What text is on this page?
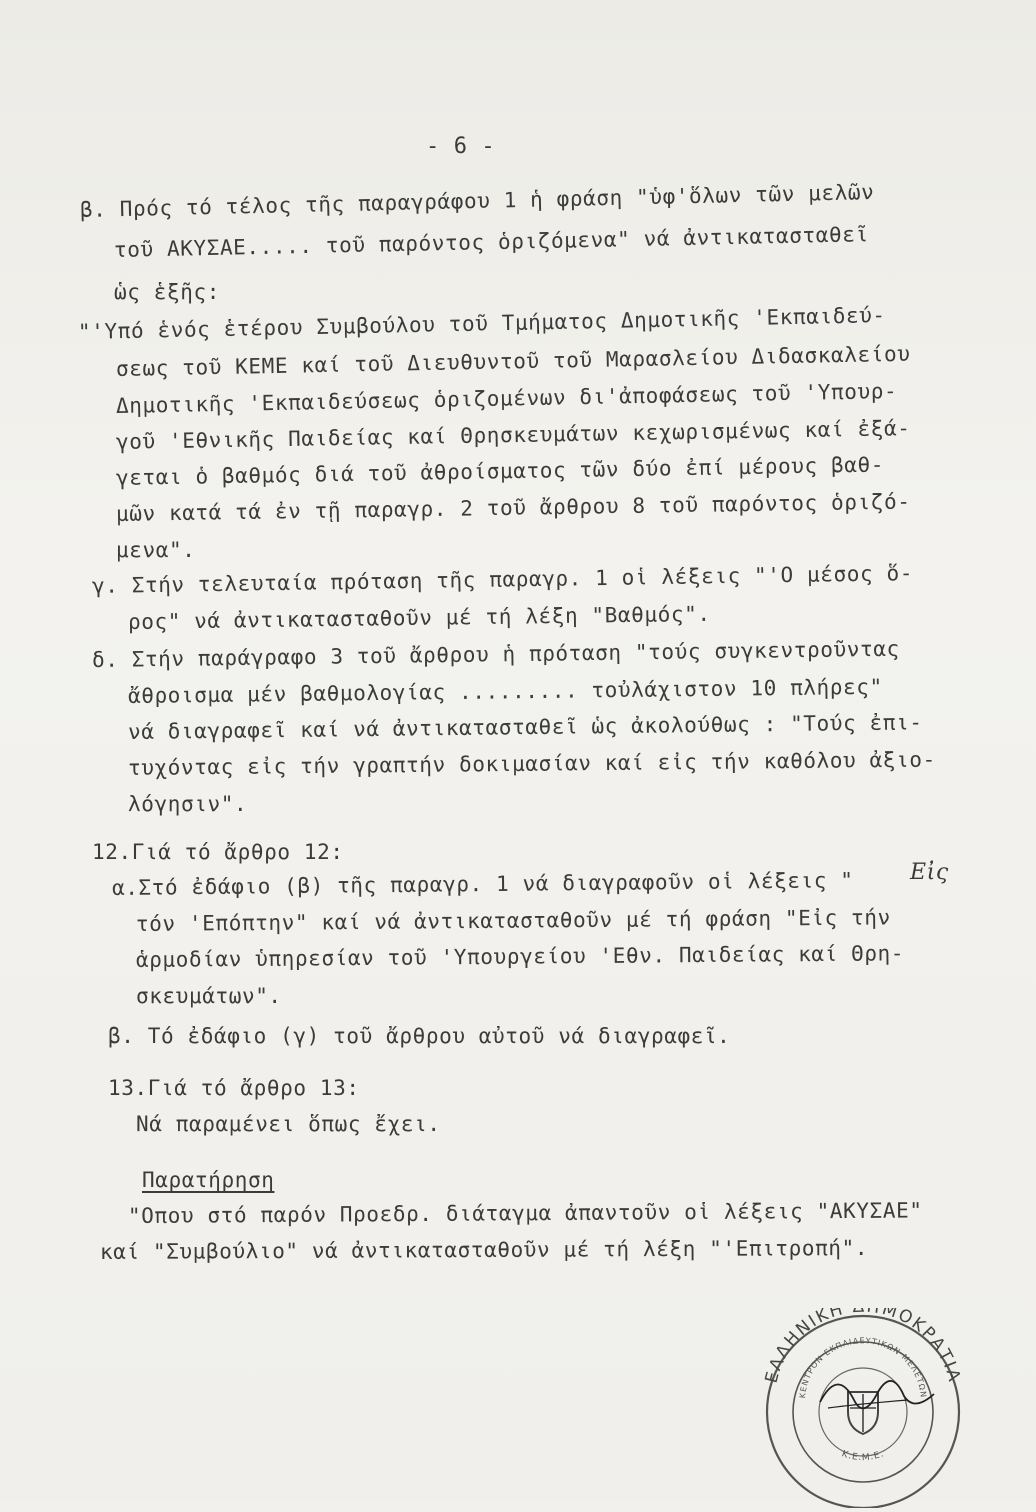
- 6 -
β. Πρός τό τέλος τῆς παραγράφου 1 ἡ φράση "ὑφ'ὅλων τῶν μελῶν
τοῦ ΑΚΥΣΑΕ..... τοῦ παρόντος ὁριζόμενα" νά ἀντικατασταθεῖ
ὡς ἑξῆς:
"'Υπό ἑνός ἑτέρου Συμβούλου τοῦ Τμήματος Δημοτικῆς 'Εκπαιδεύ-
σεως τοῦ ΚΕΜΕ καί τοῦ Διευθυντοῦ τοῦ Μαρασλείου Διδασκαλείου
Δημοτικῆς 'Εκπαιδεύσεως ὁριζομένων δι'ἀποφάσεως τοῦ 'Υπουρ-
γοῦ 'Εθνικῆς Παιδείας καί Θρησκευμάτων κεχωρισμένως καί ἐξά-
γεται ὁ βαθμός διά τοῦ ἀθροίσματος τῶν δύο ἐπί μέρους βαθ-
μῶν κατά τά ἐν τῇ παραγρ. 2 τοῦ ἄρθρου 8 τοῦ παρόντος ὁριζό-
μενα".
γ. Στήν τελευταία πρόταση τῆς παραγρ. 1 οἱ λέξεις "'Ο μέσος ὅ-
ρος" νά ἀντικατασταθοῦν μέ τή λέξη "Βαθμός".
δ. Στήν παράγραφο 3 τοῦ ἄρθρου ἡ πρόταση "τούς συγκεντροῦντας
ἄθροισμα μέν βαθμολογίας ......... τοὐλάχιστον 10 πλήρες"
νά διαγραφεῖ καί νά ἀντικατασταθεῖ ὡς ἀκολούθως : "Τούς ἐπι-
τυχόντας εἰς τήν γραπτήν δοκιμασίαν καί εἰς τήν καθόλου ἀξιο-
λόγησιν".
12.Γιά τό ἄρθρο 12:
α.Στό ἐδάφιο (β) τῆς παραγρ. 1 νά διαγραφοῦν οἱ λέξεις "	Εἰς
τόν 'Επόπτην" καί νά ἀντικατασταθοῦν μέ τή φράση "Εἰς τήν
ἁρμοδίαν ὑπηρεσίαν τοῦ 'Υπουργείου 'Εθν. Παιδείας καί Θρη-
σκευμάτων".
β. Τό ἐδάφιο (γ) τοῦ ἄρθρου αὐτοῦ νά διαγραφεῖ.
13.Γιά τό ἄρθρο 13:
Νά παραμένει ὅπως ἔχει.
Παρατήρηση
"Οπου στό παρόν Προεδρ. διάταγμα ἀπαντοῦν οἱ λέξεις "ΑΚΥΣΑΕ"
καί "Συμβούλιο" νά ἀντικατασταθοῦν μέ τή λέξη "'Επιτροπή".
ΕΛΛΗΝΙΚΗ ΜΟΚΡΑΤΙΑ
ΚΕΝΤΡΟΝ ΕΚΠΑΙΔΕΥΤΙΚΩΝ ΜΕΛΕΤΩΝ
Κ.Ε.Μ.Ε.
